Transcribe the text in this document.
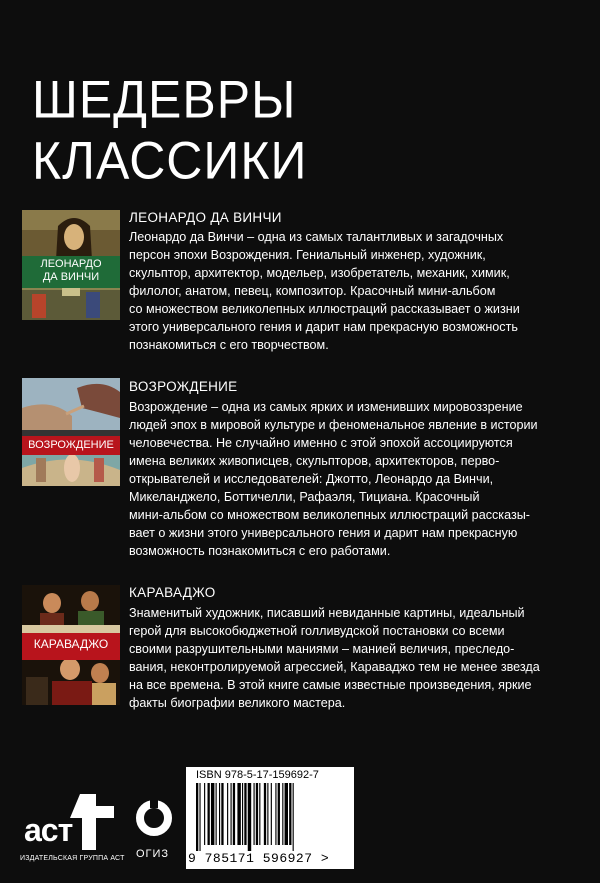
ШЕДЕВРЫ
КЛАССИКИ
ЛЕОНАРДО
ДА ВИНЧИ
ЛЕОНАРДО ДА ВИНЧИ
Леонардо да Винчи – одна из самых талантливых и загадочных
персон эпохи Возрождения. Гениальный инженер, художник,
скульптор, архитектор, модельер, изобретатель, механик, химик,
филолог, анатом, певец, композитор. Красочный мини-альбом
со множеством великолепных иллюстраций рассказывает о жизни
этого универсального гения и дарит нам прекрасную возможность
познакомиться с его творчеством.
ВОЗРОЖДЕНИЕ
ВОЗРОЖДЕНИЕ
Возрождение – одна из самых ярких и изменивших мировоззрение
людей эпох в мировой культуре и феноменальное явление в истории
человечества. Не случайно именно с этой эпохой ассоциируются
имена великих живописцев, скульпторов, архитекторов, перво-
открывателей и исследователей: Джотто, Леонардо да Винчи,
Микеланджело, Боттичелли, Рафаэля, Тициана. Красочный
мини-альбом со множеством великолепных иллюстраций рассказы-
вает о жизни этого универсального гения и дарит нам прекрасную
возможность познакомиться с его работами.
КАРАВАДЖО
КАРАВАДЖО
Знаменитый художник, писавший невиданные картины, идеальный
герой для высокобюджетной голливудской постановки со всеми
своими разрушительными маниями – манией величия, преследо-
вания, неконтролируемой агрессией, Караваджо тем не менее звезда
на все времена. В этой книге самые известные произведения, яркие
факты биографии великого мастера.
аст
ИЗДАТЕЛЬСКАЯ ГРУППА АСТ ОГИЗ
ISBN 978-5-17-159692-7
9 785171 596927 >
